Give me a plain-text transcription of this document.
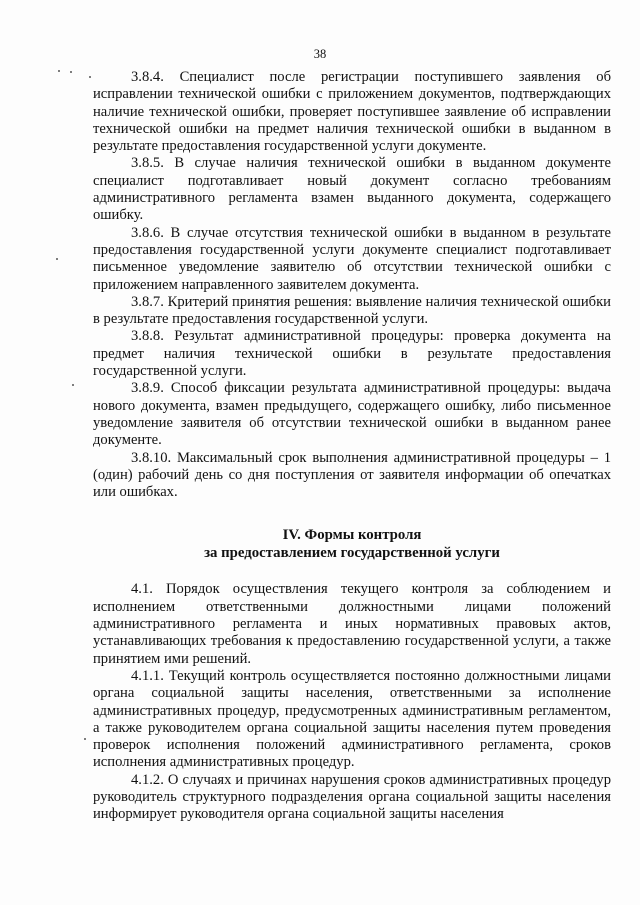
38

3.8.4. Специалист после регистрации поступившего заявления об исправлении технической ошибки с приложением документов, подтверждающих наличие технической ошибки, проверяет поступившее заявление об исправлении технической ошибки на предмет наличия технической ошибки в выданном в результате предоставления государственной услуги документе.

3.8.5. В случае наличия технической ошибки в выданном документе специалист подготавливает новый документ согласно требованиям административного регламента взамен выданного документа, содержащего ошибку.

3.8.6. В случае отсутствия технической ошибки в выданном в результате предоставления государственной услуги документе специалист подготавливает письменное уведомление заявителю об отсутствии технической ошибки с приложением направленного заявителем документа.

3.8.7. Критерий принятия решения: выявление наличия технической ошибки в результате предоставления государственной услуги.

3.8.8. Результат административной процедуры: проверка документа на предмет наличия технической ошибки в результате предоставления государственной услуги.

3.8.9. Способ фиксации результата административной процедуры: выдача нового документа, взамен предыдущего, содержащего ошибку, либо письменное уведомление заявителя об отсутствии технической ошибки в выданном ранее документе.

3.8.10. Максимальный срок выполнения административной процедуры – 1 (один) рабочий день со дня поступления от заявителя информации об опечатках или ошибках.

IV. Формы контроля
за предоставлением государственной услуги

4.1. Порядок осуществления текущего контроля за соблюдением и исполнением ответственными должностными лицами положений административного регламента и иных нормативных правовых актов, устанавливающих требования к предоставлению государственной услуги, а также принятием ими решений.

4.1.1. Текущий контроль осуществляется постоянно должностными лицами органа социальной защиты населения, ответственными за исполнение административных процедур, предусмотренных административным регламентом, а также руководителем органа социальной защиты населения путем проведения проверок исполнения положений административного регламента, сроков исполнения административных процедур.

4.1.2. О случаях и причинах нарушения сроков административных процедур руководитель структурного подразделения органа социальной защиты населения информирует руководителя органа социальной защиты населения
